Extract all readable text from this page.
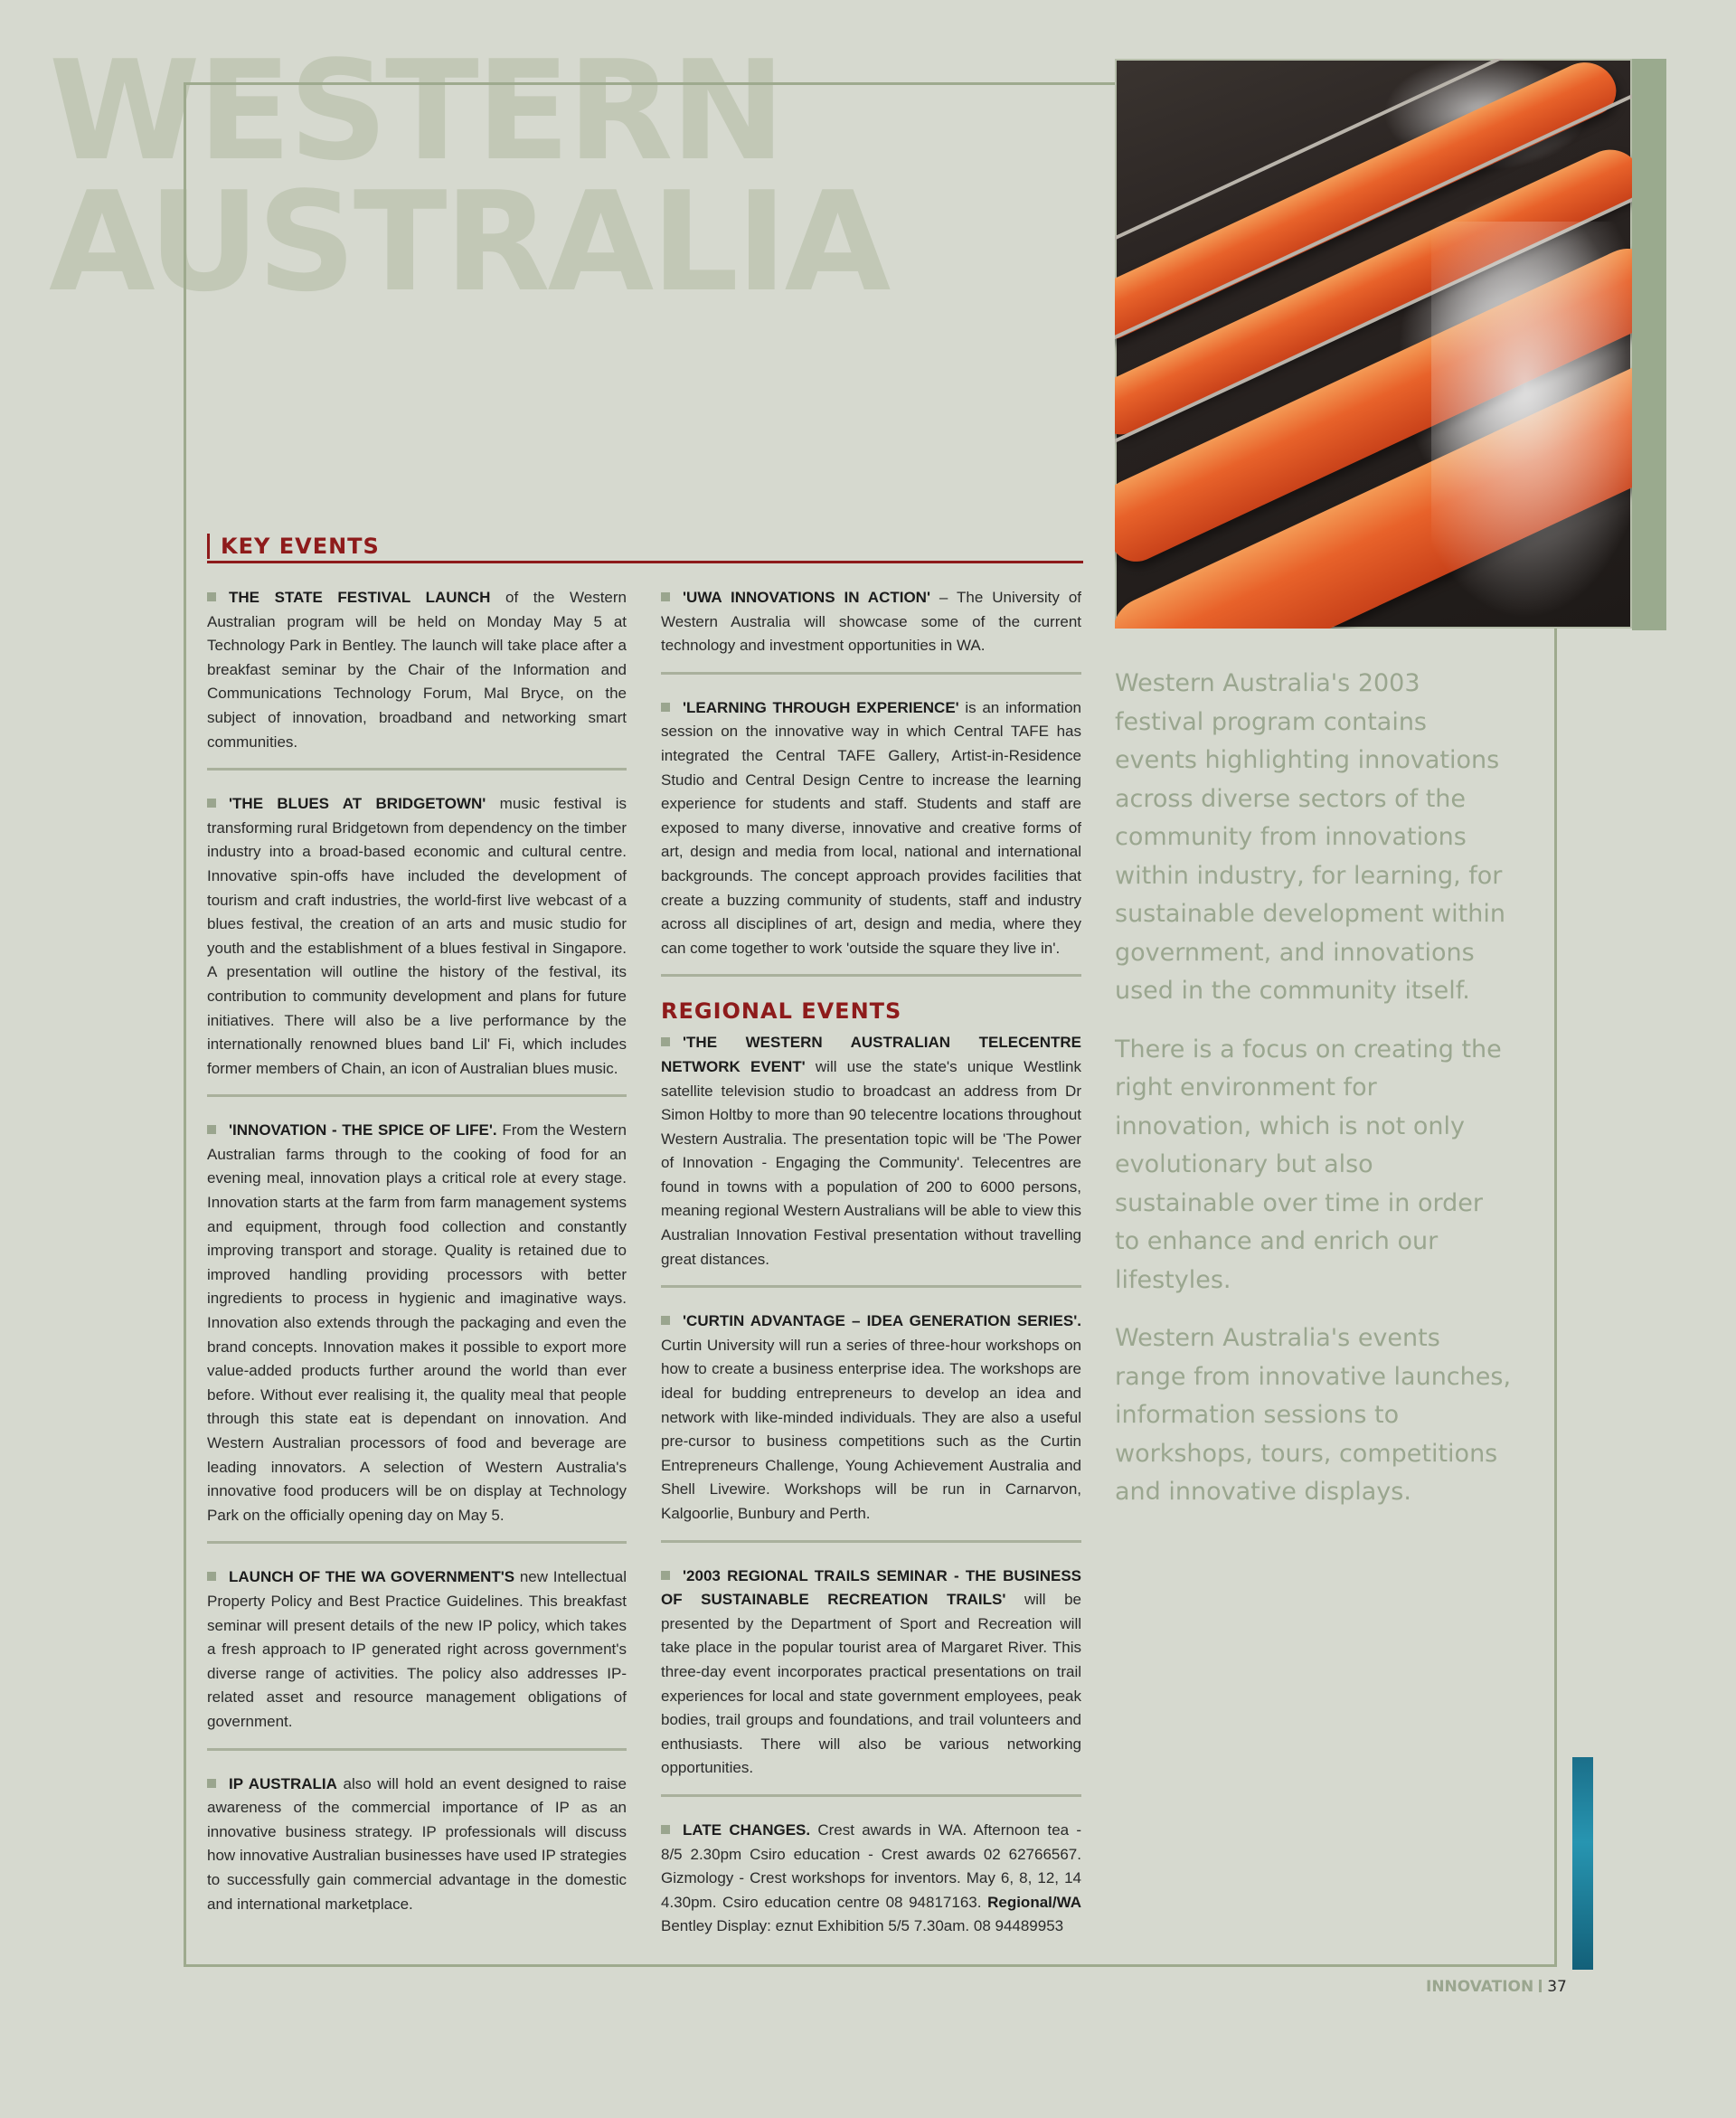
WESTERN
AUSTRALIA
KEY EVENTS

THE STATE FESTIVAL LAUNCH of the Western Australian program will be held on Monday May 5 at Technology Park in Bentley. The launch will take place after a breakfast seminar by the Chair of the Information and Communications Technology Forum, Mal Bryce, on the subject of innovation, broadband and networking smart communities.

'THE BLUES AT BRIDGETOWN' music festival is transforming rural Bridgetown from dependency on the timber industry into a broad-based economic and cultural centre. Innovative spin-offs have included the development of tourism and craft industries, the world-first live webcast of a blues festival, the creation of an arts and music studio for youth and the establishment of a blues festival in Singapore. A presentation will outline the history of the festival, its contribution to community development and plans for future initiatives. There will also be a live performance by the internationally renowned blues band Lil' Fi, which includes former members of Chain, an icon of Australian blues music.

'INNOVATION - THE SPICE OF LIFE'. From the Western Australian farms through to the cooking of food for an evening meal, innovation plays a critical role at every stage. Innovation starts at the farm from farm management systems and equipment, through food collection and constantly improving transport and storage. Quality is retained due to improved handling providing processors with better ingredients to process in hygienic and imaginative ways. Innovation also extends through the packaging and even the brand concepts. Innovation makes it possible to export more value-added products further around the world than ever before. Without ever realising it, the quality meal that people through this state eat is dependant on innovation. And Western Australian processors of food and beverage are leading innovators. A selection of Western Australia's innovative food producers will be on display at Technology Park on the officially opening day on May 5.

LAUNCH OF THE WA GOVERNMENT'S new Intellectual Property Policy and Best Practice Guidelines. This breakfast seminar will present details of the new IP policy, which takes a fresh approach to IP generated right across government's diverse range of activities. The policy also addresses IP-related asset and resource management obligations of government.

IP AUSTRALIA also will hold an event designed to raise awareness of the commercial importance of IP as an innovative business strategy. IP professionals will discuss how innovative Australian businesses have used IP strategies to successfully gain commercial advantage in the domestic and international marketplace.

'UWA INNOVATIONS IN ACTION' – The University of Western Australia will showcase some of the current technology and investment opportunities in WA.

'LEARNING THROUGH EXPERIENCE' is an information session on the innovative way in which Central TAFE has integrated the Central TAFE Gallery, Artist-in-Residence Studio and Central Design Centre to increase the learning experience for students and staff. Students and staff are exposed to many diverse, innovative and creative forms of art, design and media from local, national and international backgrounds. The concept approach provides facilities that create a buzzing community of students, staff and industry across all disciplines of art, design and media, where they can come together to work 'outside the square they live in'.

REGIONAL EVENTS

'THE WESTERN AUSTRALIAN TELECENTRE NETWORK EVENT' will use the state's unique Westlink satellite television studio to broadcast an address from Dr Simon Holtby to more than 90 telecentre locations throughout Western Australia. The presentation topic will be 'The Power of Innovation - Engaging the Community'. Telecentres are found in towns with a population of 200 to 6000 persons, meaning regional Western Australians will be able to view this Australian Innovation Festival presentation without travelling great distances.

'CURTIN ADVANTAGE – IDEA GENERATION SERIES'. Curtin University will run a series of three-hour workshops on how to create a business enterprise idea. The workshops are ideal for budding entrepreneurs to develop an idea and network with like-minded individuals. They are also a useful pre-cursor to business competitions such as the Curtin Entrepreneurs Challenge, Young Achievement Australia and Shell Livewire. Workshops will be run in Carnarvon, Kalgoorlie, Bunbury and Perth.

'2003 REGIONAL TRAILS SEMINAR - THE BUSINESS OF SUSTAINABLE RECREATION TRAILS' will be presented by the Department of Sport and Recreation will take place in the popular tourist area of Margaret River. This three-day event incorporates practical presentations on trail experiences for local and state government employees, peak bodies, trail groups and foundations, and trail volunteers and enthusiasts. There will also be various networking opportunities.

LATE CHANGES. Crest awards in WA. Afternoon tea - 8/5 2.30pm Csiro education - Crest awards 02 62766567. Gizmology - Crest workshops for inventors. May 6, 8, 12, 14 4.30pm. Csiro education centre 08 94817163. Regional/WA Bentley Display: eznut Exhibition 5/5 7.30am. 08 94489953

Western Australia's 2003 festival program contains events highlighting innovations across diverse sectors of the community from innovations within industry, for learning, for sustainable development within government, and innovations used in the community itself.

There is a focus on creating the right environment for innovation, which is not only evolutionary but also sustainable over time in order to enhance and enrich our lifestyles.

Western Australia's events range from innovative launches, information sessions to workshops, tours, competitions and innovative displays.

INNOVATION 37
